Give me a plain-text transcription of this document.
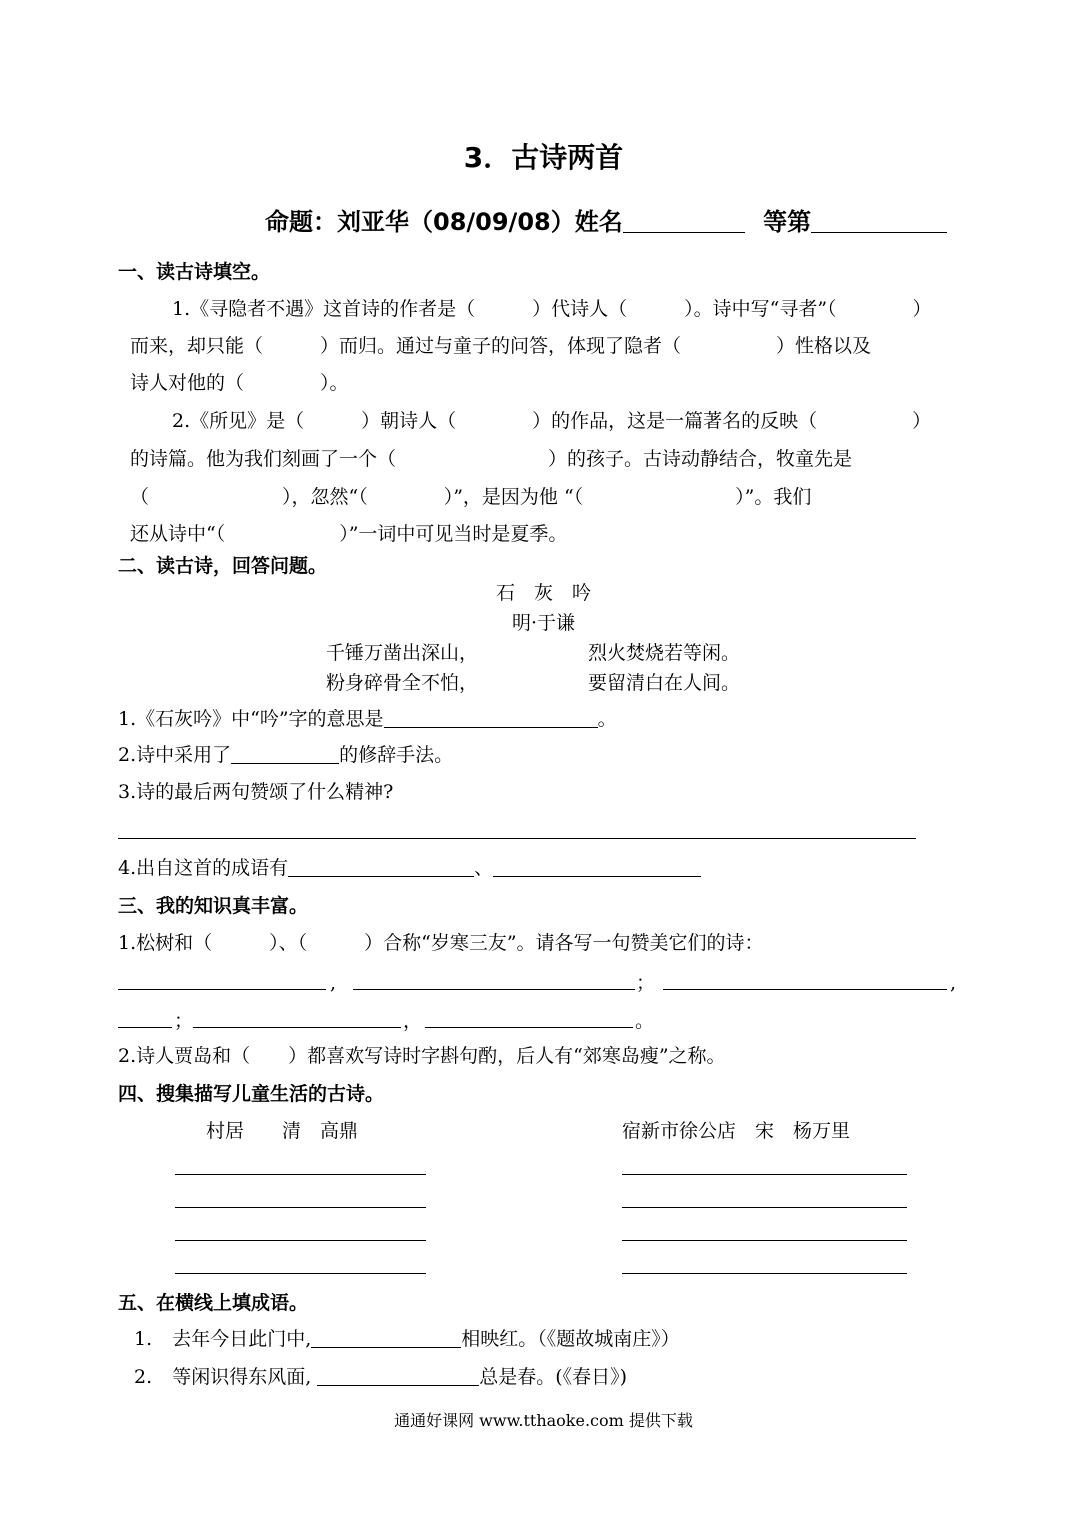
3．古诗两首
命题：刘亚华（08/09/08）姓名	等第
一、读古诗填空。
1.《寻隐者不遇》这首诗的作者是（　　　）代诗人（　　　）。诗中写“寻者”（　　　　）
而来，却只能（　　　）而归。通过与童子的问答，体现了隐者（　　　　　）性格以及
诗人对他的（　　　　）。
2.《所见》是（　　　）朝诗人（　　　　）的作品，这是一篇著名的反映（　　　　　）
的诗篇。他为我们刻画了一个（　　　　　　　　）的孩子。古诗动静结合，牧童先是
（　　　　　　　），忽然“（　　　　）”，是因为他 “（　　　　　　　　）”。我们
还从诗中“（　　　　　　）”一词中可见当时是夏季。
二、读古诗，回答问题。
石　灰　吟
明·于谦
千锤万凿出深山，	烈火焚烧若等闲。
粉身碎骨全不怕，	要留清白在人间。
1.《石灰吟》中“吟”字的意思是	。
2.诗中采用了	的修辞手法。
3.诗的最后两句赞颂了什么精神?
4.出自这首的成语有	、
三、我的知识真丰富。
1.松树和（　　　）、（　　　）合称“岁寒三友”。请各写一句赞美它们的诗：
,	；	,
；	，	。
2.诗人贾岛和（　　）都喜欢写诗时字斟句酌，后人有“郊寒岛瘦”之称。
四、搜集描写儿童生活的古诗。
村居　　清　高鼎	宿新市徐公店　宋　杨万里
五、在横线上填成语。
1. 去年今日此门中,	相映红。（《题故城南庄》）
2. 等闲识得东风面,	总是春。(《春日》)
通通好课网 www.tthaoke.com 提供下载
